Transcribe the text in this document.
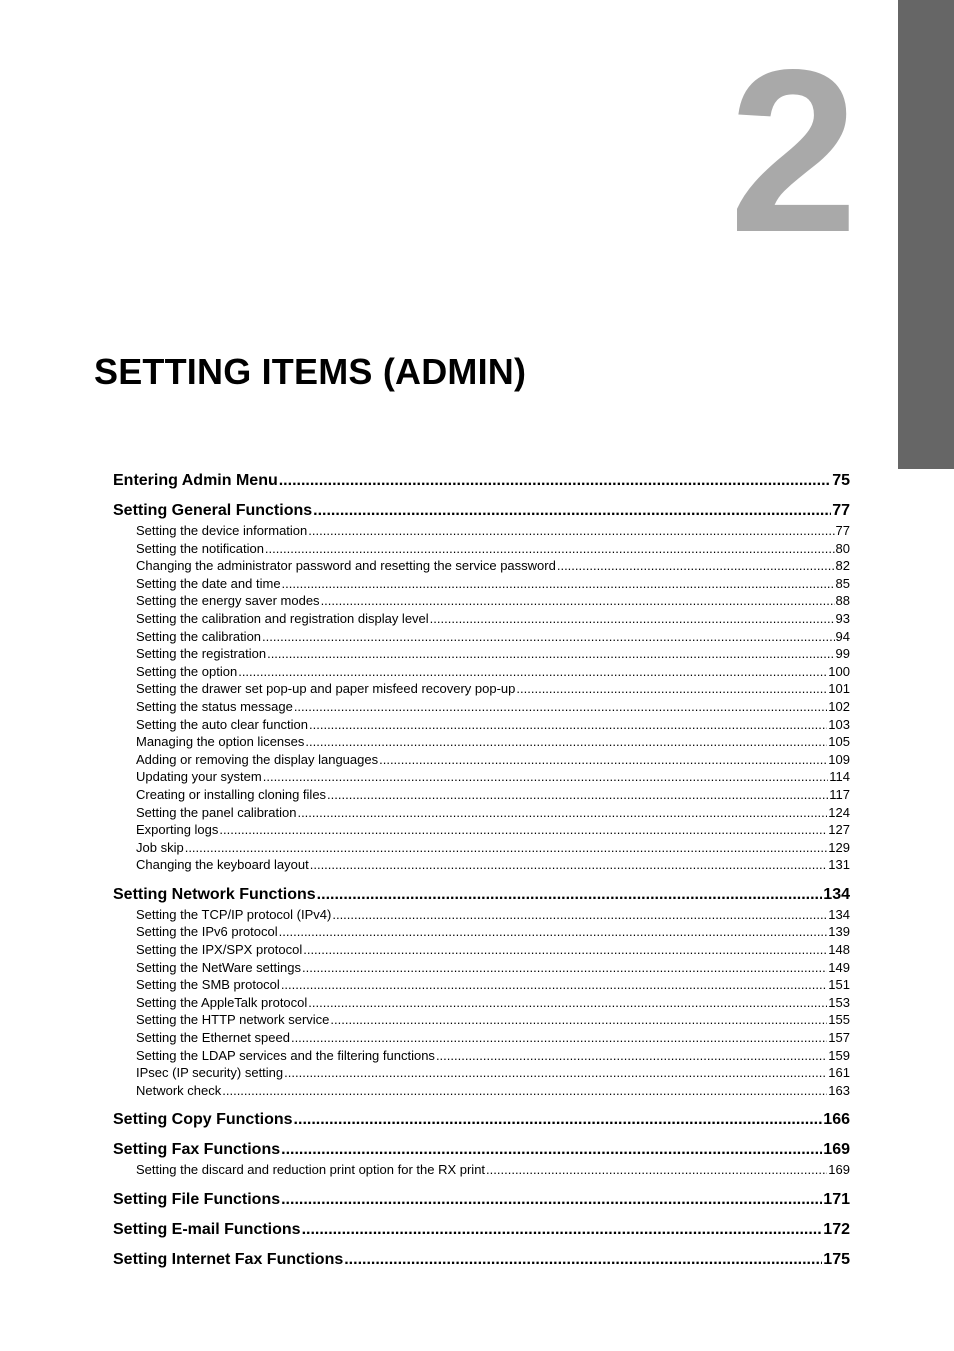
2
SETTING ITEMS (ADMIN)
Entering Admin Menu .....	75
Setting General Functions .....	77
Setting the device information .....	77
Setting the notification .....	80
Changing the administrator password and resetting the service password .....	82
Setting the date and time .....	85
Setting the energy saver modes .....	88
Setting the calibration and registration display level .....	93
Setting the calibration .....	94
Setting the registration .....	99
Setting the option .....	100
Setting the drawer set pop-up and paper misfeed recovery pop-up .....	101
Setting the status message .....	102
Setting the auto clear function .....	103
Managing the option licenses .....	105
Adding or removing the display languages .....	109
Updating your system .....	114
Creating or installing cloning files .....	117
Setting the panel calibration .....	124
Exporting logs .....	127
Job skip .....	129
Changing the keyboard layout .....	131
Setting Network Functions .....	134
Setting the TCP/IP protocol (IPv4) .....	134
Setting the IPv6 protocol .....	139
Setting the IPX/SPX protocol .....	148
Setting the NetWare settings .....	149
Setting the SMB protocol .....	151
Setting the AppleTalk protocol .....	153
Setting the HTTP network service .....	155
Setting the Ethernet speed .....	157
Setting the LDAP services and the filtering functions .....	159
IPsec (IP security) setting .....	161
Network check .....	163
Setting Copy Functions .....	166
Setting Fax Functions .....	169
Setting the discard and reduction print option for the RX print .....	169
Setting File Functions .....	171
Setting E-mail Functions .....	172
Setting Internet Fax Functions .....	175
